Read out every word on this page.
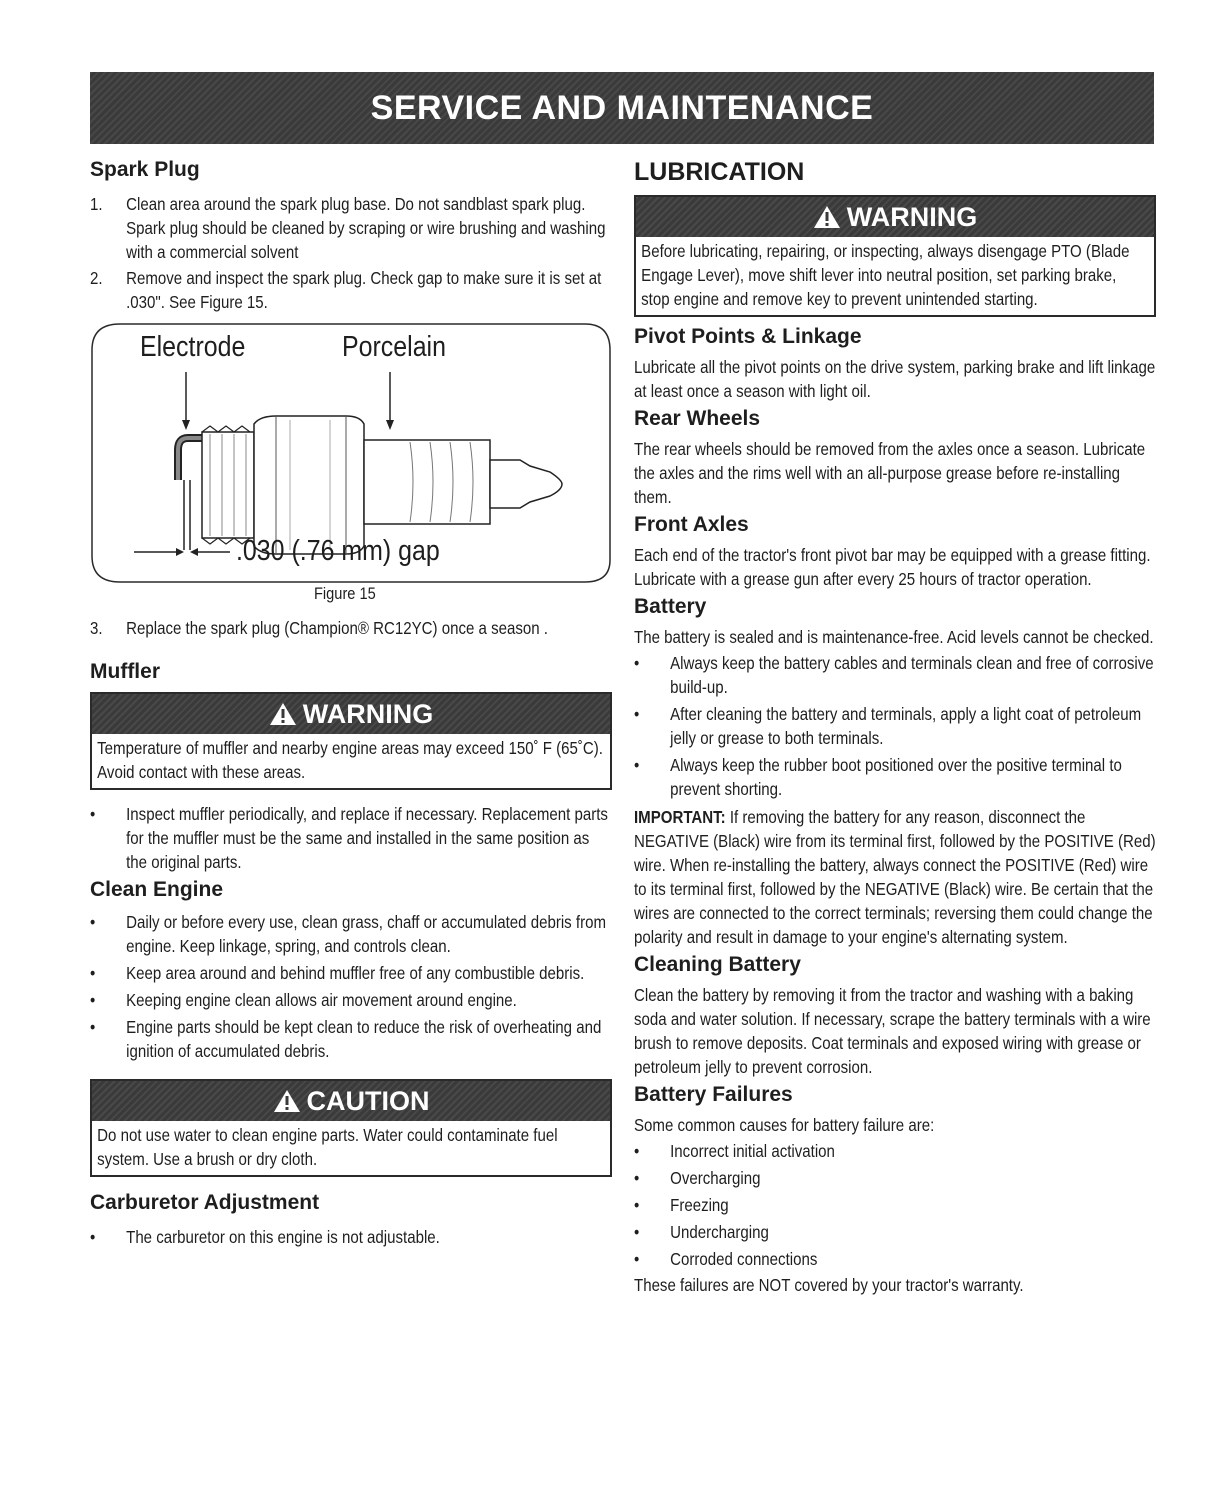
SERVICE AND MAINTENANCE
Spark Plug
1. Clean area around the spark plug base. Do not sandblast spark plug. Spark plug should be cleaned by scraping or wire brushing and washing with a commercial solvent

2. Remove and inspect the spark plug. Check gap to make sure it is set at .030". See Figure 15.

Electrode	Porcelain
.030 (.76 mm) gap
Figure 15
3. Replace the spark plug (Champion® RC12YC) once a season .

Muffler
WARNING
Temperature of muffler and nearby engine areas may exceed 150˚ F (65˚C). Avoid contact with these areas.
• Inspect muffler periodically, and replace if necessary. Replacement parts for the muffler must be the same and installed in the same position as the original parts.

Clean Engine
• Daily or before every use, clean grass, chaff or accumulated debris from engine. Keep linkage, spring, and controls clean.

• Keep area around and behind muffler free of any combustible debris.

• Keeping engine clean allows air movement around engine.

• Engine parts should be kept clean to reduce the risk of overheating and ignition of accumulated debris.

CAUTION
Do not use water to clean engine parts. Water could contaminate fuel system. Use a brush or dry cloth.
Carburetor Adjustment
• The carburetor on this engine is not adjustable.

LUBRICATION
WARNING
Before lubricating, repairing, or inspecting, always disengage PTO (Blade Engage Lever), move shift lever into neutral position, set parking brake, stop engine and remove key to prevent unintended starting.
Pivot Points & Linkage

Lubricate all the pivot points on the drive system, parking brake and lift linkage at least once a season with light oil.

Rear Wheels

The rear wheels should be removed from the axles once a season. Lubricate the axles and the rims well with an all-purpose grease before re-installing them.

Front Axles

Each end of the tractor's front pivot bar may be equipped with a grease fitting. Lubricate with a grease gun after every 25 hours of tractor operation.

Battery

The battery is sealed and is maintenance-free. Acid levels cannot be checked.

• Always keep the battery cables and terminals clean and free of corrosive build-up.

• After cleaning the battery and terminals, apply a light coat of petroleum jelly or grease to both terminals.

• Always keep the rubber boot positioned over the positive terminal to prevent shorting.

IMPORTANT: If removing the battery for any reason, disconnect the NEGATIVE (Black) wire from its terminal first, followed by the POSITIVE (Red) wire. When re-installing the battery, always connect the POSITIVE (Red) wire to its terminal first, followed by the NEGATIVE (Black) wire. Be certain that the wires are connected to the correct terminals; reversing them could change the polarity and result in damage to your engine's alternating system.

Cleaning Battery

Clean the battery by removing it from the tractor and washing with a baking soda and water solution. If necessary, scrape the battery terminals with a wire brush to remove deposits. Coat terminals and exposed wiring with grease or petroleum jelly to prevent corrosion.

Battery Failures

Some common causes for battery failure are:

• Incorrect initial activation

• Overcharging

• Freezing

• Undercharging

• Corroded connections

These failures are NOT covered by your tractor's warranty.
